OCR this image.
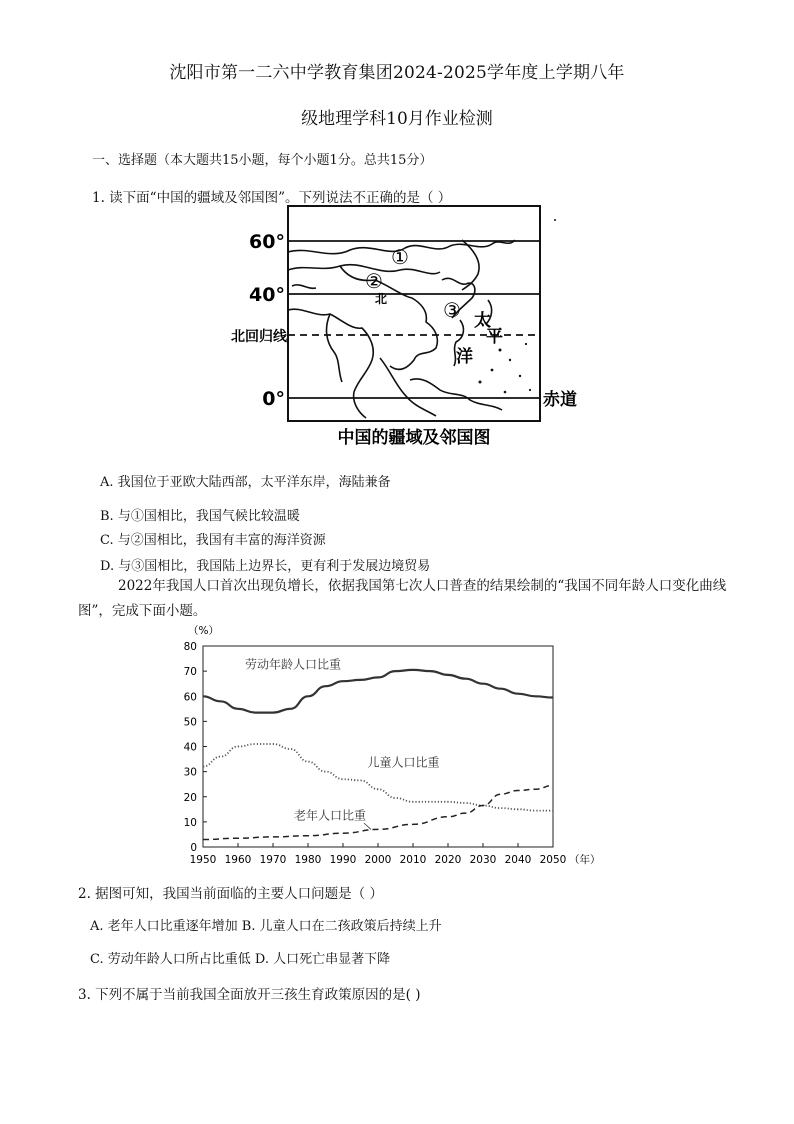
沈阳市第一二六中学教育集团2024-2025学年度上学期八年
级地理学科10月作业检测
一、选择题（本大题共15小题，每个小题1分。总共15分）
1. 读下面“中国的疆域及邻国图”。下列说法不正确的是（ ）
60°
40°
北回归线
0°	赤道
①
②
北	③ 太
平
洋
中国的疆域及邻国图
A. 我国位于亚欧大陆西部，太平洋东岸，海陆兼备
B. 与①国相比，我国气候比较温暖
C. 与②国相比，我国有丰富的海洋资源
D. 与③国相比，我国陆上边界长，更有利于发展边境贸易
2022年我国人口首次出现负增长，依据我国第七次人口普查的结果绘制的“我国不同年龄人口变化曲线
图”，完成下面小题。
（%）
0
10
20
30
40
50
60
70
80
1950 1960 1970 1980 1990 2000 2010 2020 2030 2040 2050 （年）
劳动年龄人口比重
儿童人口比重
老年人口比重
2. 据图可知，我国当前面临的主要人口问题是（ ）
A. 老年人口比重逐年增加 B. 儿童人口在二孩政策后持续上升
C. 劳动年龄人口所占比重低 D. 人口死亡串显著下降
3. 下列不属于当前我国全面放开三孩生育政策原因的是( )
